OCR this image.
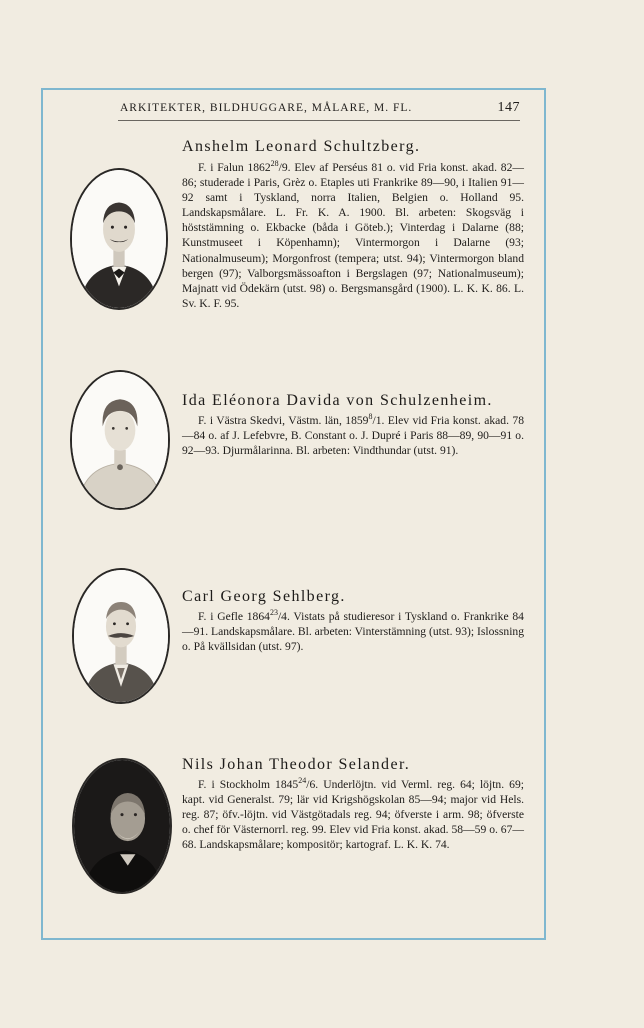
ARKITEKTER, BILDHUGGARE, MÅLARE, M. FL.	147
Anshelm Leonard Schultzberg.

F. i Falun 1862$^{28}$/9. Elev af Perséus 81 o. vid Fria konst. akad. 82—86; studerade i Paris, Grèz o. Etaples uti Frankrike 89—90, i Italien 91—92 samt i Tyskland, norra Italien, Belgien o. Holland 95. Landskapsmålare. L. Fr. K. A. 1900. Bl. arbeten: Skogsväg i höststämning o. Ekbacke (båda i Göteb.); Vinterdag i Dalarne (88; Kunstmuseet i Köpenhamn); Vintermorgon i Dalarne (93; Nationalmuseum); Morgonfrost (tempera; utst. 94); Vintermorgon bland bergen (97); Valborgsmässoafton i Bergslagen (97; Nationalmuseum); Majnatt vid Ödekärn (utst. 98) o. Bergsmansgård (1900). L. K. K. 86. L. Sv. K. F. 95.

Ida Eléonora Davida von Schulzenheim.

F. i Västra Skedvi, Västm. län, 1859$^8$/1. Elev vid Fria konst. akad. 78—84 o. af J. Lefebvre, B. Constant o. J. Dupré i Paris 88—89, 90—91 o. 92—93. Djurmålarinna. Bl. arbeten: Vindthundar (utst. 91).

Carl Georg Sehlberg.

F. i Gefle 1864$^{23}$/4. Vistats på studieresor i Tyskland o. Frankrike 84—91. Landskapsmålare. Bl. arbeten: Vinterstämning (utst. 93); Islossning o. På kvällsidan (utst. 97).

Nils Johan Theodor Selander.

F. i Stockholm 1845$^{24}$/6. Underlöjtn. vid Verml. reg. 64; löjtn. 69; kapt. vid Generalst. 79; lär vid Krigshögskolan 85—94; major vid Hels. reg. 87; öfv.-löjtn. vid Västgötadals reg. 94; öfverste i arm. 98; öfverste o. chef för Västernorrl. reg. 99. Elev vid Fria konst. akad. 58—59 o. 67—68. Landskapsmålare; kompositör; kartograf. L. K. K. 74.
